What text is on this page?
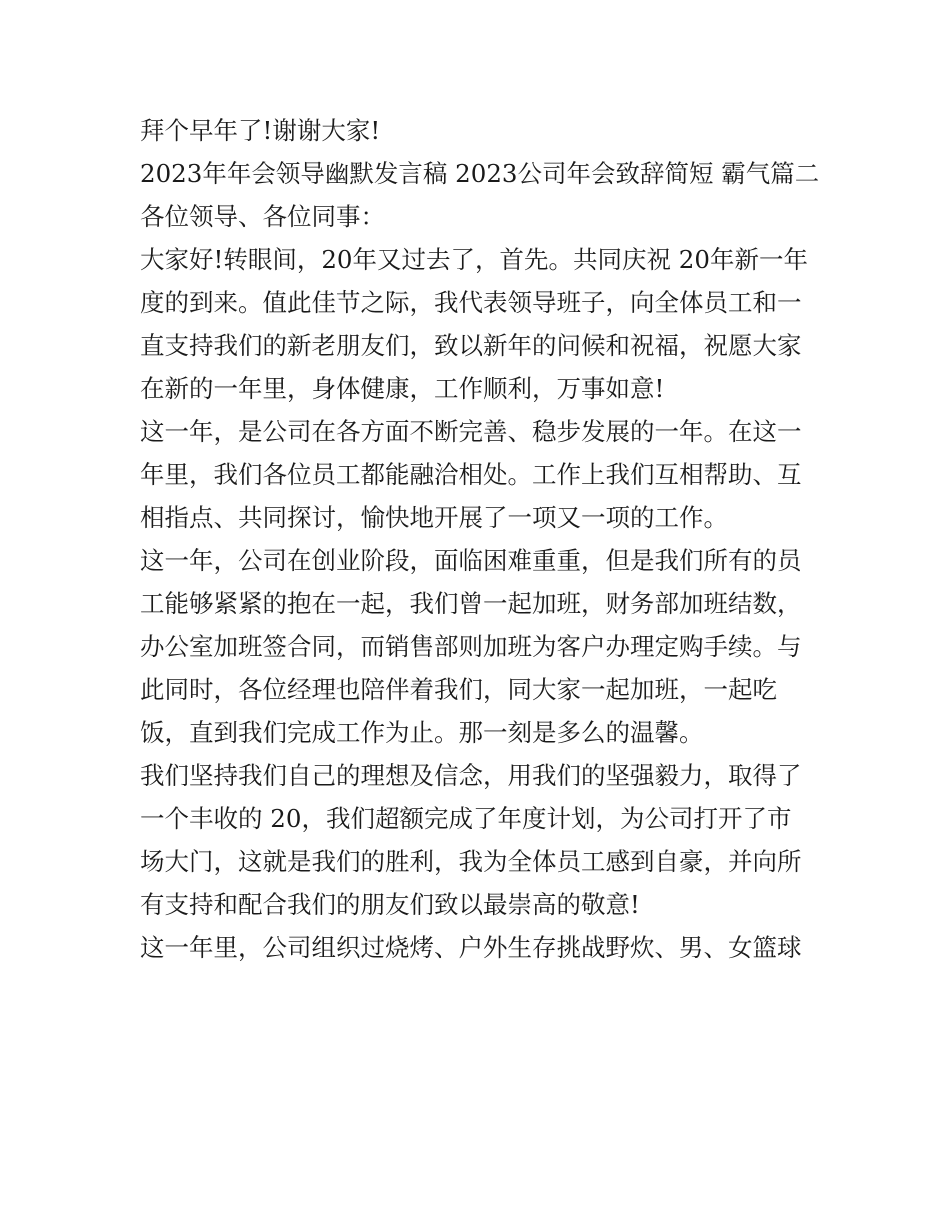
拜个早年了!谢谢大家!
2023年年会领导幽默发言稿 2023公司年会致辞简短 霸气篇二
各位领导、各位同事：
大家好!转眼间，20年又过去了，首先。共同庆祝 20年新一年
度的到来。值此佳节之际，我代表领导班子，向全体员工和一
直支持我们的新老朋友们，致以新年的问候和祝福，祝愿大家
在新的一年里，身体健康，工作顺利，万事如意!
这一年，是公司在各方面不断完善、稳步发展的一年。在这一
年里，我们各位员工都能融洽相处。工作上我们互相帮助、互
相指点、共同探讨，愉快地开展了一项又一项的工作。
这一年，公司在创业阶段，面临困难重重，但是我们所有的员
工能够紧紧的抱在一起，我们曾一起加班，财务部加班结数，
办公室加班签合同，而销售部则加班为客户办理定购手续。与
此同时，各位经理也陪伴着我们，同大家一起加班，一起吃
饭，直到我们完成工作为止。那一刻是多么的温馨。
我们坚持我们自己的理想及信念，用我们的坚强毅力，取得了
一个丰收的 20，我们超额完成了年度计划，为公司打开了市
场大门，这就是我们的胜利，我为全体员工感到自豪，并向所
有支持和配合我们的朋友们致以最崇高的敬意!
这一年里，公司组织过烧烤、户外生存挑战野炊、男、女篮球
